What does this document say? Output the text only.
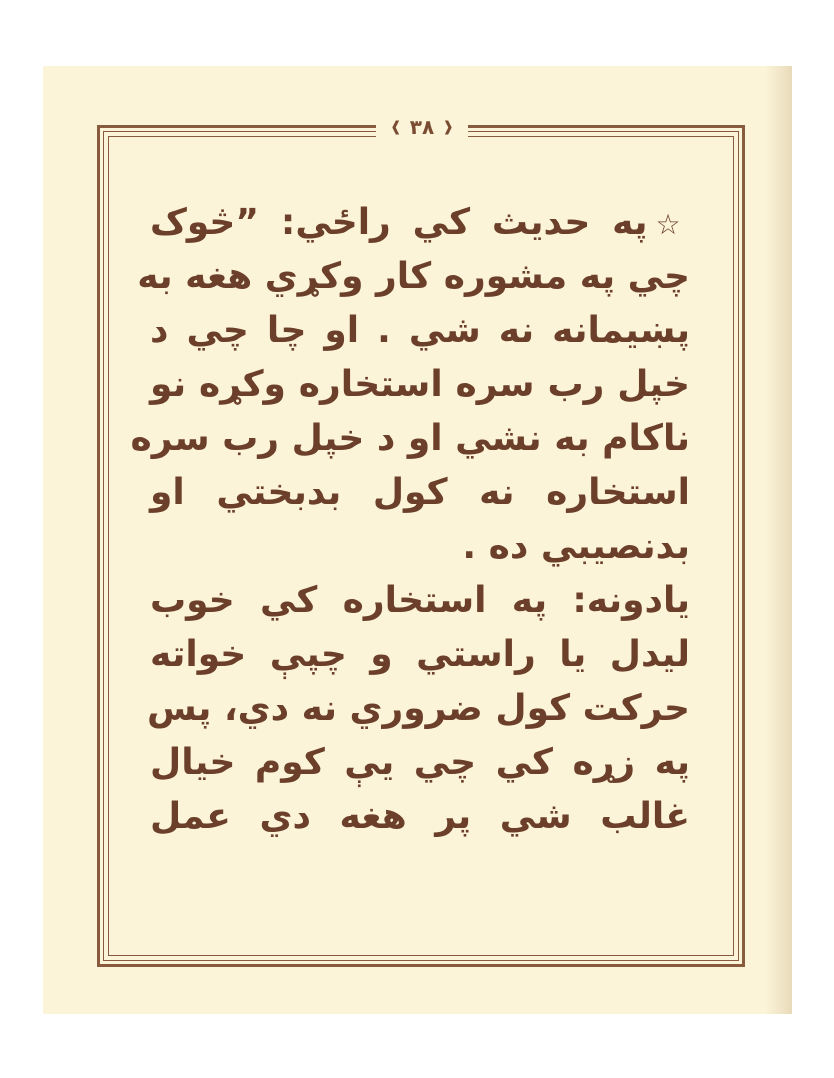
❰ ۳۸ ❱
☆په حديث کي راځي: ”څوک
چي په مشوره کار وکړي هغه به
پښيمانه نه شي . او چا چي د
خپل رب سره استخاره وکړه نو
ناکام به نشي او د خپل رب سره
استخاره نه کول بدبختي او
بدنصيبي ده .
يادونه: په استخاره کي خوب
ليدل يا راستي و چپې خواته
حرکت کول ضروري نه دي، پس
په زړه کي چي يې کوم خيال
غالب شي پر هغه دي عمل
